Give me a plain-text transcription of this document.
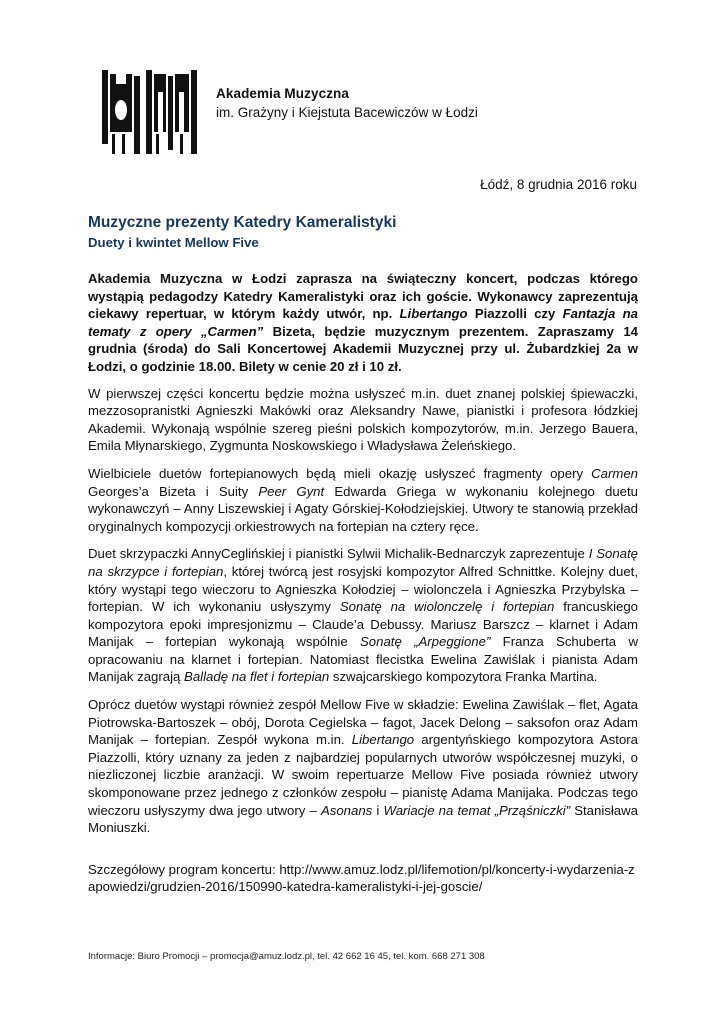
Akademia Muzyczna
im. Grażyny i Kiejstuta Bacewiczów w Łodzi
Łódź, 8 grudnia 2016 roku
Muzyczne prezenty Katedry Kameralistyki
Duety i kwintet Mellow Five

Akademia Muzyczna w Łodzi zaprasza na świąteczny koncert, podczas którego wystąpią pedagodzy Katedry Kameralistyki oraz ich goście. Wykonawcy zaprezentują ciekawy repertuar, w którym każdy utwór, np. Libertango Piazzolli czy Fantazja na tematy z opery „Carmen” Bizeta, będzie muzycznym prezentem. Zapraszamy 14 grudnia (środa) do Sali Koncertowej Akademii Muzycznej przy ul. Żubardzkiej 2a w Łodzi, o godzinie 18.00. Bilety w cenie 20 zł i 10 zł.

W pierwszej części koncertu będzie można usłyszeć m.in. duet znanej polskiej śpiewaczki, mezzosopranistki Agnieszki Makówki oraz Aleksandry Nawe, pianistki i profesora łódzkiej Akademii. Wykonają wspólnie szereg pieśni polskich kompozytorów, m.in. Jerzego Bauera, Emila Młynarskiego, Zygmunta Noskowskiego i Władysława Żeleńskiego.

Wielbiciele duetów fortepianowych będą mieli okazję usłyszeć fragmenty opery Carmen Georges’a Bizeta i Suity Peer Gynt Edwarda Griega w wykonaniu kolejnego duetu wykonawczyń – Anny Liszewskiej i Agaty Górskiej-Kołodziejskiej. Utwory te stanowią przekład oryginalnych kompozycji orkiestrowych na fortepian na cztery ręce.

Duet skrzypaczki AnnyCeglińskiej i pianistki Sylwii Michalik-Bednarczyk zaprezentuje I Sonatę na skrzypce i fortepian, której twórcą jest rosyjski kompozytor Alfred Schnittke. Kolejny duet, który wystąpi tego wieczoru to Agnieszka Kołodziej – wiolonczela i Agnieszka Przybylska – fortepian. W ich wykonaniu usłyszymy Sonatę na wiolonczelę i fortepian francuskiego kompozytora epoki impresjonizmu – Claude’a Debussy. Mariusz Barszcz – klarnet i Adam Manijak – fortepian wykonają wspólnie Sonatę „Arpeggione” Franza Schuberta w opracowaniu na klarnet i fortepian. Natomiast flecistka Ewelina Zawiślak i pianista Adam Manijak zagrają Balladę na flet i fortepian szwajcarskiego kompozytora Franka Martina.

Oprócz duetów wystąpi również zespół Mellow Five w składzie: Ewelina Zawiślak – flet, Agata Piotrowska-Bartoszek – obój, Dorota Cegielska – fagot, Jacek Delong – saksofon oraz Adam Manijak – fortepian. Zespół wykona m.in. Libertango argentyńskiego kompozytora Astora Piazzolli, który uznany za jeden z najbardziej popularnych utworów współczesnej muzyki, o niezliczonej liczbie aranżacji. W swoim repertuarze Mellow Five posiada również utwory skomponowane przez jednego z członków zespołu – pianistę Adama Manijaka. Podczas tego wieczoru usłyszymy dwa jego utwory – Asonans i Wariacje na temat „Prząśniczki” Stanisława Moniuszki.

Szczegółowy program koncertu: http://www.amuz.lodz.pl/lifemotion/pl/koncerty-i-wydarzenia-zapowiedzi/grudzien-2016/150990-katedra-kameralistyki-i-jej-goscie/

Informacje: Biuro Promocji – promocja@amuz.lodz.pl, tel. 42 662 16 45, tel. kom. 668 271 308
